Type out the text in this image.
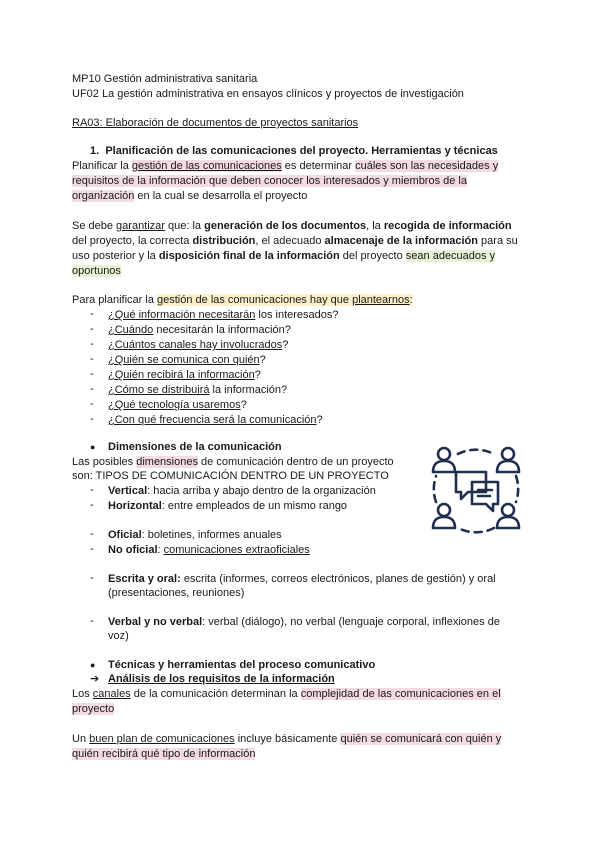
MP10 Gestión administrativa sanitaria
UF02 La gestión administrativa en ensayos clínicos y proyectos de investigación
RA03: Elaboración de documentos de proyectos sanitarios
1. Planificación de las comunicaciones del proyecto. Herramientas y técnicas
Planificar la gestión de las comunicaciones es determinar cuáles son las necesidades y
requisitos de la información que deben conocer los interesados y miembros de la
organización en la cual se desarrolla el proyecto
Se debe garantizar que: la generación de los documentos, la recogida de información
del proyecto, la correcta distribución, el adecuado almacenaje de la información para su
uso posterior y la disposición final de la información del proyecto sean adecuados y
oportunos
Para planificar la gestión de las comunicaciones hay que plantearnos:
- ¿Qué información necesitarán los interesados?
- ¿Cuándo necesitarán la información?
- ¿Cuántos canales hay involucrados?
- ¿Quién se comunica con quién?
- ¿Quién recibirá la información?
- ¿Cómo se distribuirá la información?
- ¿Qué tecnología usaremos?
- ¿Con qué frecuencia será la comunicación?
● Dimensiones de la comunicación
Las posibles dimensiones de comunicación dentro de un proyecto
son: TIPOS DE COMUNICACIÓN DENTRO DE UN PROYECTO
- Vertical: hacia arriba y abajo dentro de la organización
- Horizontal: entre empleados de un mismo rango
- Oficial: boletines, informes anuales
- No oficial: comunicaciones extraoficiales
- Escrita y oral: escrita (informes, correos electrónicos, planes de gestión) y oral
(presentaciones, reuniones)
- Verbal y no verbal: verbal (diálogo), no verbal (lenguaje corporal, inflexiones de
voz)
● Técnicas y herramientas del proceso comunicativo
➔ Análisis de los requisitos de la información
Los canales de la comunicación determinan la complejidad de las comunicaciones en el
proyecto
Un buen plan de comunicaciones incluye básicamente quién se comunicará con quién y
quién recibirá qué tipo de información
